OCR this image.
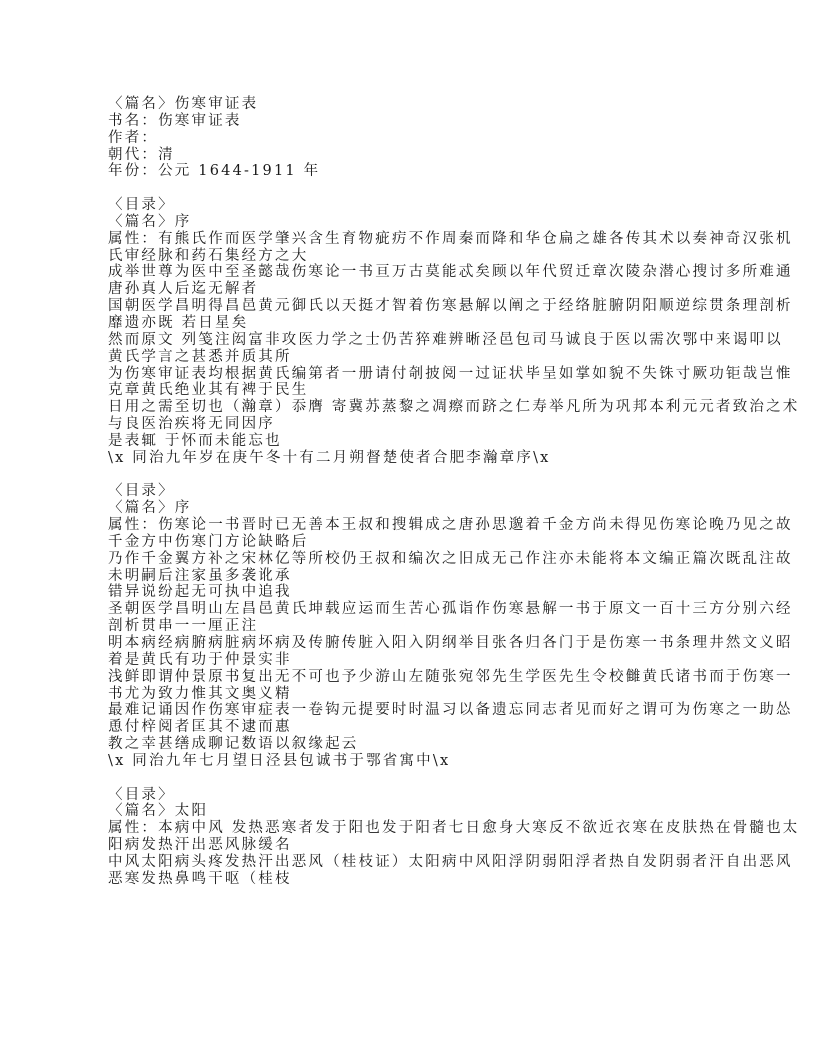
〈篇名〉伤寒审证表
书名：伤寒审证表
作者：
朝代：清
年份：公元 1644-1911 年
〈目录〉
〈篇名〉序
属性：有熊氏作而医学肇兴含生育物疵疠不作周秦而降和华仓扁之雄各传其术以奏神奇汉张机
氏审经脉和药石集经方之大
成举世尊为医中至圣懿哉伤寒论一书亘万古莫能忒矣顾以年代贸迁章次陵杂潜心搜讨多所难通
唐孙真人后迄无解者
国朝医学昌明得昌邑黄元御氏以天挺才智着伤寒悬解以阐之于经络脏腑阴阳顺逆综贯条理剖析
靡遗亦既 若日星矣
然而原文 列笺注闳富非攻医力学之士仍苦猝难辨晰泾邑包司马诚良于医以需次鄂中来谒叩以
黄氏学言之甚悉并质其所
为伤寒审证表均根据黄氏编第者一册请付剞披阅一过证状毕呈如掌如貌不失铢寸厥功钜哉岂惟
克章黄氏绝业其有裨于民生
日用之需至切也（瀚章）忝膺 寄冀苏蒸黎之凋瘵而跻之仁寿举凡所为巩邦本利元元者致治之术
与良医治疾将无同因序
是表辄 于怀而未能忘也
\x 同治九年岁在庚午冬十有二月朔督楚使者合肥李瀚章序\x
〈目录〉
〈篇名〉序
属性：伤寒论一书晋时已无善本王叔和搜辑成之唐孙思邈着千金方尚未得见伤寒论晚乃见之故
千金方中伤寒门方论缺略后
乃作千金翼方补之宋林亿等所校仍王叔和编次之旧成无己作注亦未能将本文编正篇次既乱注故
未明嗣后注家虽多袭讹承
错异说纷起无可执中追我
圣朝医学昌明山左昌邑黄氏坤载应运而生苦心孤诣作伤寒悬解一书于原文一百十三方分别六经
剖析贯串一一厘正注
明本病经病腑病脏病坏病及传腑传脏入阳入阴纲举目张各归各门于是伤寒一书条理井然文义昭
着是黄氏有功于仲景实非
浅鲜即谓仲景原书复出无不可也予少游山左随张宛邻先生学医先生令校雠黄氏诸书而于伤寒一
书尤为致力惟其文奥义精
最难记诵因作伤寒审症表一卷钩元提要时时温习以备遗忘同志者见而好之谓可为伤寒之一助怂
恿付梓阅者匡其不逮而惠
教之幸甚缮成聊记数语以叙缘起云
\x 同治九年七月望日泾县包诚书于鄂省寓中\x
〈目录〉
〈篇名〉太阳
属性：本病中风 发热恶寒者发于阳也发于阳者七日愈身大寒反不欲近衣寒在皮肤热在骨髓也太
阳病发热汗出恶风脉缓名
中风太阳病头疼发热汗出恶风（桂枝证）太阳病中风阳浮阴弱阳浮者热自发阴弱者汗自出恶风
恶寒发热鼻鸣干呕（桂枝
